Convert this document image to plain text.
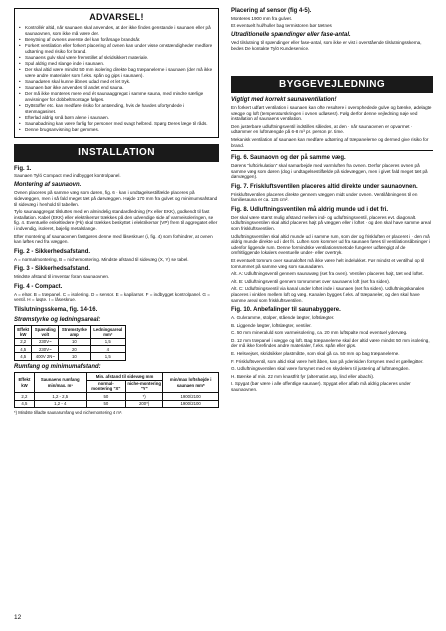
ADVARSEL!
• Kontrollér altid, når saunaen skal anvendes, at der ikke findes genstande i saunaen eller på saunaovnen, som ikke må være der.
• Benytning af ovnens øverste del kan forårsage brandsår.
• Forkert ventilation eller forkert placering af ovnen kan under visse omstændigheder medføre udtørring med risiko for brand.
• Saunaens gulv skal være fremstillet af skridsikkert materiale.
• Spul aldrig med slange inde i saunaen.
• Der skal altid være mindst 50 mm isolering direkte bag træpanelerne i saunaen (der må ikke være andre materialer som f.eks. spån og gips i saunaen).
• Saunadøren skal kunne åbnes udad med et let tryk.
• Saunaen bør ikke anvendes til andet end sauna.
• Der må ikke monteres mere end ét saunaaggregat i samme sauna, med mindre særlige anvisninger for dobbeltmontage følges.
• Dyttstoffer etc. kan medføre risiko for antænding, hvis de havdes ufortyndede i stenmagasinet.
• Efterlad aldrig små børn alene i saunaen.
• Saunabadning kan være farlig for personer med svagt helbred. Spørg Deres læge til råds.
• Denne brugsanvisning bør gemmes.
INSTALLATION
Fig. 1.

Saunaen Tyló Compact med indbygget kontrolpanel.

Montering af saunaovn.

Ovnen placeres på samme væg som døren, fig. 6 · kan i undtagelsestilfælde placeres på sidevæggen, men i så fald meget tæt på dørvæggen. Højde 170 mm fra gulvet og minimumsafstand til sidevæg i henhold til tabellen.

Tylo saunaaggregat tilsluttes med en almindelig standardledning (Fx eller EKK), godkendt til fast installation. Kabel (EKK) eller elektrikerrør trækkes på den udvendige side af varmeisoleringen, se fig. 4. Eventuelle enkeltledere (Fk) skal trækkes beskyttet i elektrikerrør (VP) frem til aggregatet eller i indvendig, isoleret, bøjelig metalslange.

Efter montering af saunaovnen fastgøres denne med låseskruer (i, fig. 4) som forhindrer, at ovnen kan løftes ned fra væggen.

Fig. 2 - Sikkerhedsafstand.

A = normalmontering, B = nichemontering. Mindste afstand til sidevæg (X, Y) se tabel.

Fig. 3 - Sikkerhedsafstand.

Mindste afstand til imventar foran saunaovnen.

Fig. 4 - Compact.

A = elrør. B = træpanel. C = isolering. D = sensor. E = kapilarrør. F = indbygget kontrolpanel. G = ventil. H = løqte. I = låseskrue.

Tilslutningsskema, fig. 14-16.
Strømstyrke og ledningsareal:
Effekt kW	Spænding volt	Strømstyrke amp	Ledningsareal mm²
2,2	230V~	10	1,5
4,5	230V~	20	4
4,5	400V 2N~	10	1,5
Rumfang og minimumafstand:
Effekt kW	Saunaens rumfang min/max. m³	Min. afstand til sidevæg mm		min/max loftshøjde i saunaen mm*
		normal-montering "X"	niche-montering "Y"	
2,2	1,2 - 2,5	50	*)	1900/2100
4,5	1,2 - 4	50	200*)	1900/2100

*) Mindste tilladte saunarumfang ved nichemontering 4 m³.

Placering af sensor (fig 4-5).

Monteres 1900 mm fra gulvet.

Et eventuelt hul/huller bag termistoren bør tætnes

Utraditionelle spændinger eller fase-antal.

Ved tilslutning til spændinger eller fase-antal, som ikke er vist i overstående tilslutningsskema, bedes De kontakte Tylö Kundeservice.

BYGGEVEJLEDNING
Vigtigt med korrekt saunaventilation!

En forkert udført ventilation i saunaen kan ofte resultere i overophedede gulve og bænke, ødelagte væqge og loft (temperaturskringen i ovnen udløses!). Følg derfor denne vejledning nøje ved installation af saunaens ventilation.

Den justerbare udluftningsventil indstilles således, at den · når saunaovnen er opvarmet · udtømmer en luftmængde på 6-8 m³ pr. person pr. time.

Mekanisk ventilation af saunaen kan medføre udtørring af træpanelerne og dermed give risiko for brand.

Fig. 6. Saunaovn og dør på samme væg.

Dørens "luftcirkulation" skal samarbejde med varmluften fra ovnen. Derfor placeres ovnen på samme væg som døren (dog i undtagelsestilfælde på sidevæggen, men i givet fald meget tæt på dørvæggen).

Fig. 7. Friskluftsventilen placeres altid direkte under saunaovnen.

Friskluftsventilen placeres direkte gennem væggen midt under ovnen. Ventilåbningens til en familiesauna er ca. 125 cm².

Fig. 8. Udluftningsventilen må aldrig munde ud i det fri.

Der skal være størst mulig afstand mellem ind- og udluftningsventil, placeres evt. diagonalt. Udluftningsventilen skal altid placeres højt på væggen eller i loftet · og den skal have samme areal som friskluftsventilen.

Udluftningsventilen skal altid munde ud i samme rum, som der og friskluften er placeret i · den må aldrig munde direkte ud i det fri. Luften som kommer ud fra saunaen føres til ventilationsåbninger i udenfor liggende rum. Denne formindske ventilationsmetode fungerer udfængigt af de omfritliggende lokalers eventuelle under- eller overtryk.

Et eventuelt tomrum over saunaloftet må ikke være helt indelukket. Før mindst et ventilhul op til tomrummet på samme væg som saunadøren.

Alt. A: Udluftningsventil gennem saunavæg (set fra oven). Ventilen placeres højt, tæt ved loftet.

Alt. B: Udluftningsventil gennem tomrummet over saunaens loft (set fra siden).

Alt. C: Udluftningsventil via kanal under loftet inde i saunaen (set fra siden). Udluftningskanalen placeres i vinklen mellem loft og væg. Kanalen bygges f.eks. af træpaneler, og den skal have samme areal som friskluftsventilen.

Fig. 10. Anbefalinger til saunabyggere.

A. Gulvramme, stolper, stående lægter, loftslægter.

B. Liggende lægter, loftslægter, ventiler.

C. 50 mm mineraluld som varmeisolering, ca. 20 mm luftspalte mod eventuel ydervæg.

D. 12 mm træpanel i vægge og loft. Bag træpanelerne skal der altid være mindst 50 mm isolering, der må ikke forefindes andre materialer, f.eks. spån eller gips.

E. Helsvejset, skridsikker plastmåtte, som skal gå ca. 50 mm op bag træpanelerne.

F. Friskluftsventil, som altid skal være helt åben, kan på yderisiden forsynes med et gællegitter.

G. Udluftningsventilen skal være forsynet med en skydelem til justering af luftmængden.

H. Bænke af min. 22 mm knastfrit fyr (alternativt asp, lind eller abachi).

I. Spygat (bør være i alle offentlige saunaer). Spygat eller afløb må aldrig placeres under saunaovnen.

12
